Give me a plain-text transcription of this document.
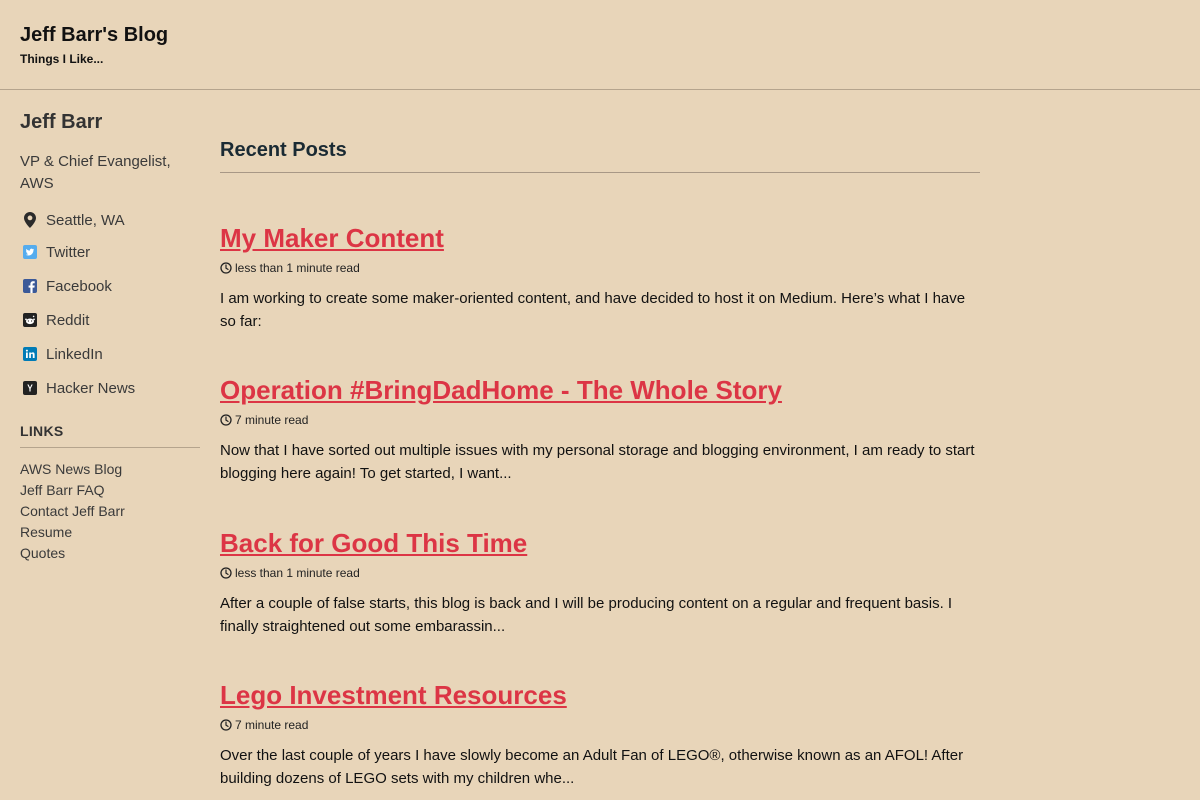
Jeff Barr's Blog

Things I Like...

Jeff Barr

VP & Chief Evangelist, AWS

Seattle, WA
Twitter
Facebook
Reddit
LinkedIn
Hacker News
LINKS
AWS News Blog
Jeff Barr FAQ
Contact Jeff Barr
Resume
Quotes
Recent Posts
My Maker Content

less than 1 minute read

I am working to create some maker-oriented content, and have decided to host it on Medium. Here’s what I have so far:

Operation #BringDadHome - The Whole Story

7 minute read

Now that I have sorted out multiple issues with my personal storage and blogging environment, I am ready to start blogging here again! To get started, I want...

Back for Good This Time

less than 1 minute read

After a couple of false starts, this blog is back and I will be producing content on a regular and frequent basis. I finally straightened out some embarassin...

Lego Investment Resources

7 minute read

Over the last couple of years I have slowly become an Adult Fan of LEGO®, otherwise known as an AFOL! After building dozens of LEGO sets with my children whe...
